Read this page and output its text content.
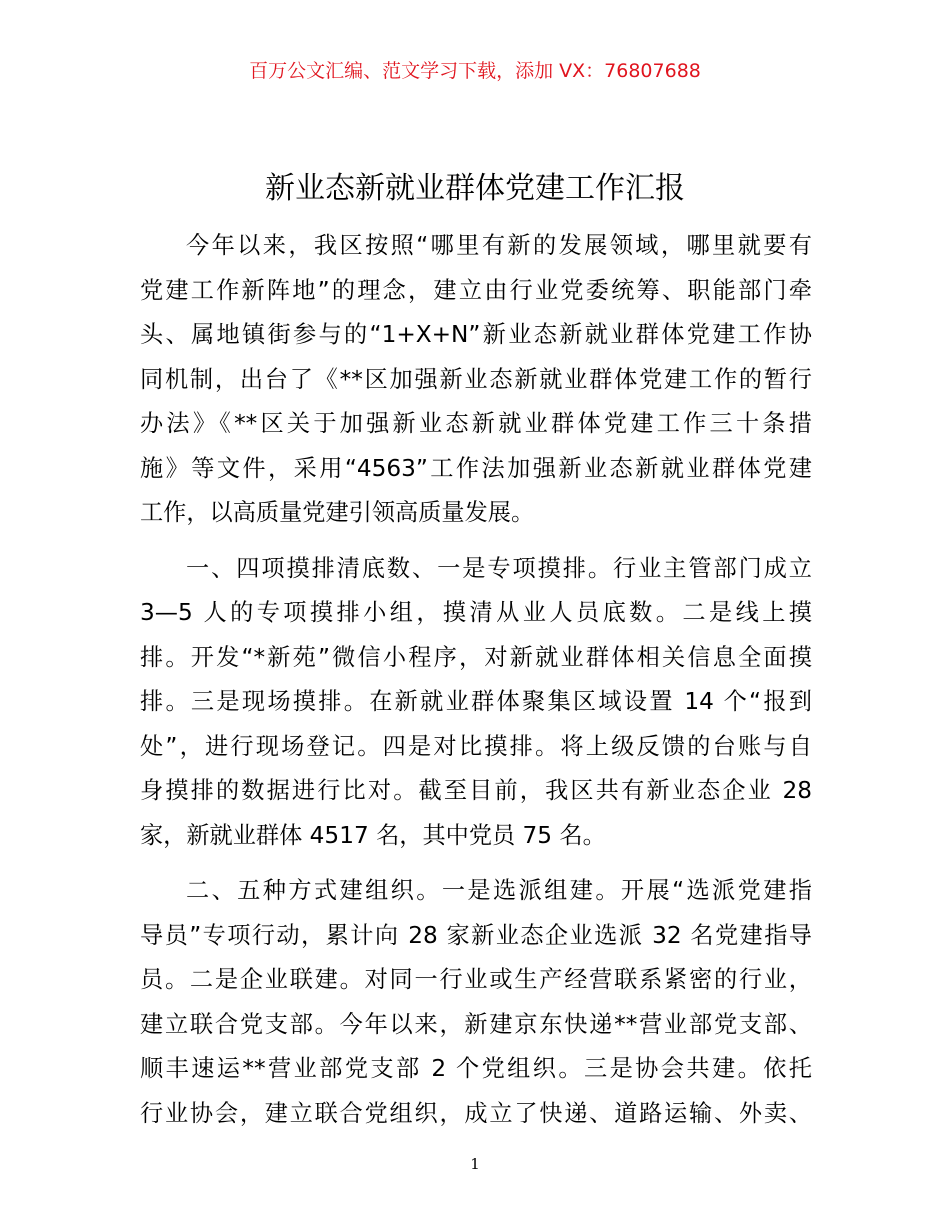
百万公文汇编、范文学习下载，添加 VX：76807688
新业态新就业群体党建工作汇报
今年以来，我区按照“哪里有新的发展领域，哪里就要有
党建工作新阵地”的理念，建立由行业党委统筹、职能部门牵
头、属地镇街参与的“1+X+N”新业态新就业群体党建工作协
同机制，出台了《**区加强新业态新就业群体党建工作的暂行
办法》《**区关于加强新业态新就业群体党建工作三十条措
施》等文件，采用“4563”工作法加强新业态新就业群体党建
工作，以高质量党建引领高质量发展。
一、四项摸排清底数、一是专项摸排。行业主管部门成立
3—5 人的专项摸排小组，摸清从业人员底数。二是线上摸
排。开发“*新苑”微信小程序，对新就业群体相关信息全面摸
排。三是现场摸排。在新就业群体聚集区域设置 14 个“报到
处”，进行现场登记。四是对比摸排。将上级反馈的台账与自
身摸排的数据进行比对。截至目前，我区共有新业态企业 28
家，新就业群体 4517 名，其中党员 75 名。
二、五种方式建组织。一是选派组建。开展“选派党建指
导员”专项行动，累计向 28 家新业态企业选派 32 名党建指导
员。二是企业联建。对同一行业或生产经营联系紧密的行业，
建立联合党支部。今年以来，新建京东快递**营业部党支部、
顺丰速运**营业部党支部 2 个党组织。三是协会共建。依托
行业协会，建立联合党组织，成立了快递、道路运输、外卖、
1
